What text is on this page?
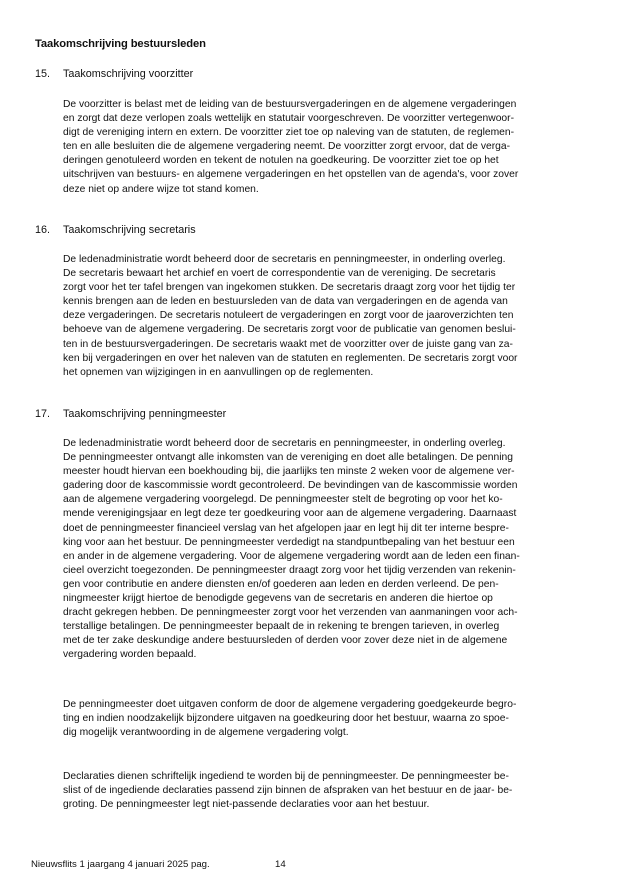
Taakomschrijving bestuursleden
15. Taakomschrijving voorzitter
De voorzitter is belast met de leiding van de bestuursvergaderingen en de algemene vergaderingen
en zorgt dat deze verlopen zoals wettelijk en statutair voorgeschreven. De voorzitter vertegenwoor-
digt de vereniging intern en extern. De voorzitter ziet toe op naleving van de statuten, de reglemen-
ten en alle besluiten die de algemene vergadering neemt. De voorzitter zorgt ervoor, dat de verga-
deringen genotuleerd worden en tekent de notulen na goedkeuring. De voorzitter ziet toe op het
uitschrijven van bestuurs- en algemene vergaderingen en het opstellen van de agenda's, voor zover
deze niet op andere wijze tot stand komen.
16. Taakomschrijving secretaris
De ledenadministratie wordt beheerd door de secretaris en penningmeester, in onderling overleg.
De secretaris bewaart het archief en voert de correspondentie van de vereniging. De secretaris
zorgt voor het ter tafel brengen van ingekomen stukken. De secretaris draagt zorg voor het tijdig ter
kennis brengen aan de leden en bestuursleden van de data van vergaderingen en de agenda van
deze vergaderingen. De secretaris notuleert de vergaderingen en zorgt voor de jaaroverzichten ten
behoeve van de algemene vergadering. De secretaris zorgt voor de publicatie van genomen beslui-
ten in de bestuursvergaderingen. De secretaris waakt met de voorzitter over de juiste gang van za-
ken bij vergaderingen en over het naleven van de statuten en reglementen. De secretaris zorgt voor
het opnemen van wijzigingen in en aanvullingen op de reglementen.
17. Taakomschrijving penningmeester
De ledenadministratie wordt beheerd door de secretaris en penningmeester, in onderling overleg.
De penningmeester ontvangt alle inkomsten van de vereniging en doet alle betalingen. De penning
meester houdt hiervan een boekhouding bij, die jaarlijks ten minste 2 weken voor de algemene ver-
gadering door de kascommissie wordt gecontroleerd. De bevindingen van de kascommissie worden
aan de algemene vergadering voorgelegd. De penningmeester stelt de begroting op voor het ko-
mende verenigingsjaar en legt deze ter goedkeuring voor aan de algemene vergadering. Daarnaast
doet de penningmeester financieel verslag van het afgelopen jaar en legt hij dit ter interne bespre-
king voor aan het bestuur. De penningmeester verdedigt na standpuntbepaling van het bestuur een
en ander in de algemene vergadering. Voor de algemene vergadering wordt aan de leden een finan-
cieel overzicht toegezonden. De penningmeester draagt zorg voor het tijdig verzenden van rekenin-
gen voor contributie en andere diensten en/of goederen aan leden en derden verleend. De pen-
ningmeester krijgt hiertoe de benodigde gegevens van de secretaris en anderen die hiertoe op
dracht gekregen hebben. De penningmeester zorgt voor het verzenden van aanmaningen voor ach-
terstallige betalingen. De penningmeester bepaalt de in rekening te brengen tarieven, in overleg
met de ter zake deskundige andere bestuursleden of derden voor zover deze niet in de algemene
vergadering worden bepaald.
De penningmeester doet uitgaven conform de door de algemene vergadering goedgekeurde begro-
ting en indien noodzakelijk bijzondere uitgaven na goedkeuring door het bestuur, waarna zo spoe-
dig mogelijk verantwoording in de algemene vergadering volgt.
Declaraties dienen schriftelijk ingediend te worden bij de penningmeester. De penningmeester be-
slist of de ingediende declaraties passend zijn binnen de afspraken van het bestuur en de jaar- be-
groting. De penningmeester legt niet-passende declaraties voor aan het bestuur.
Nieuwsflits 1 jaargang 4 januari 2025 pag.	14
